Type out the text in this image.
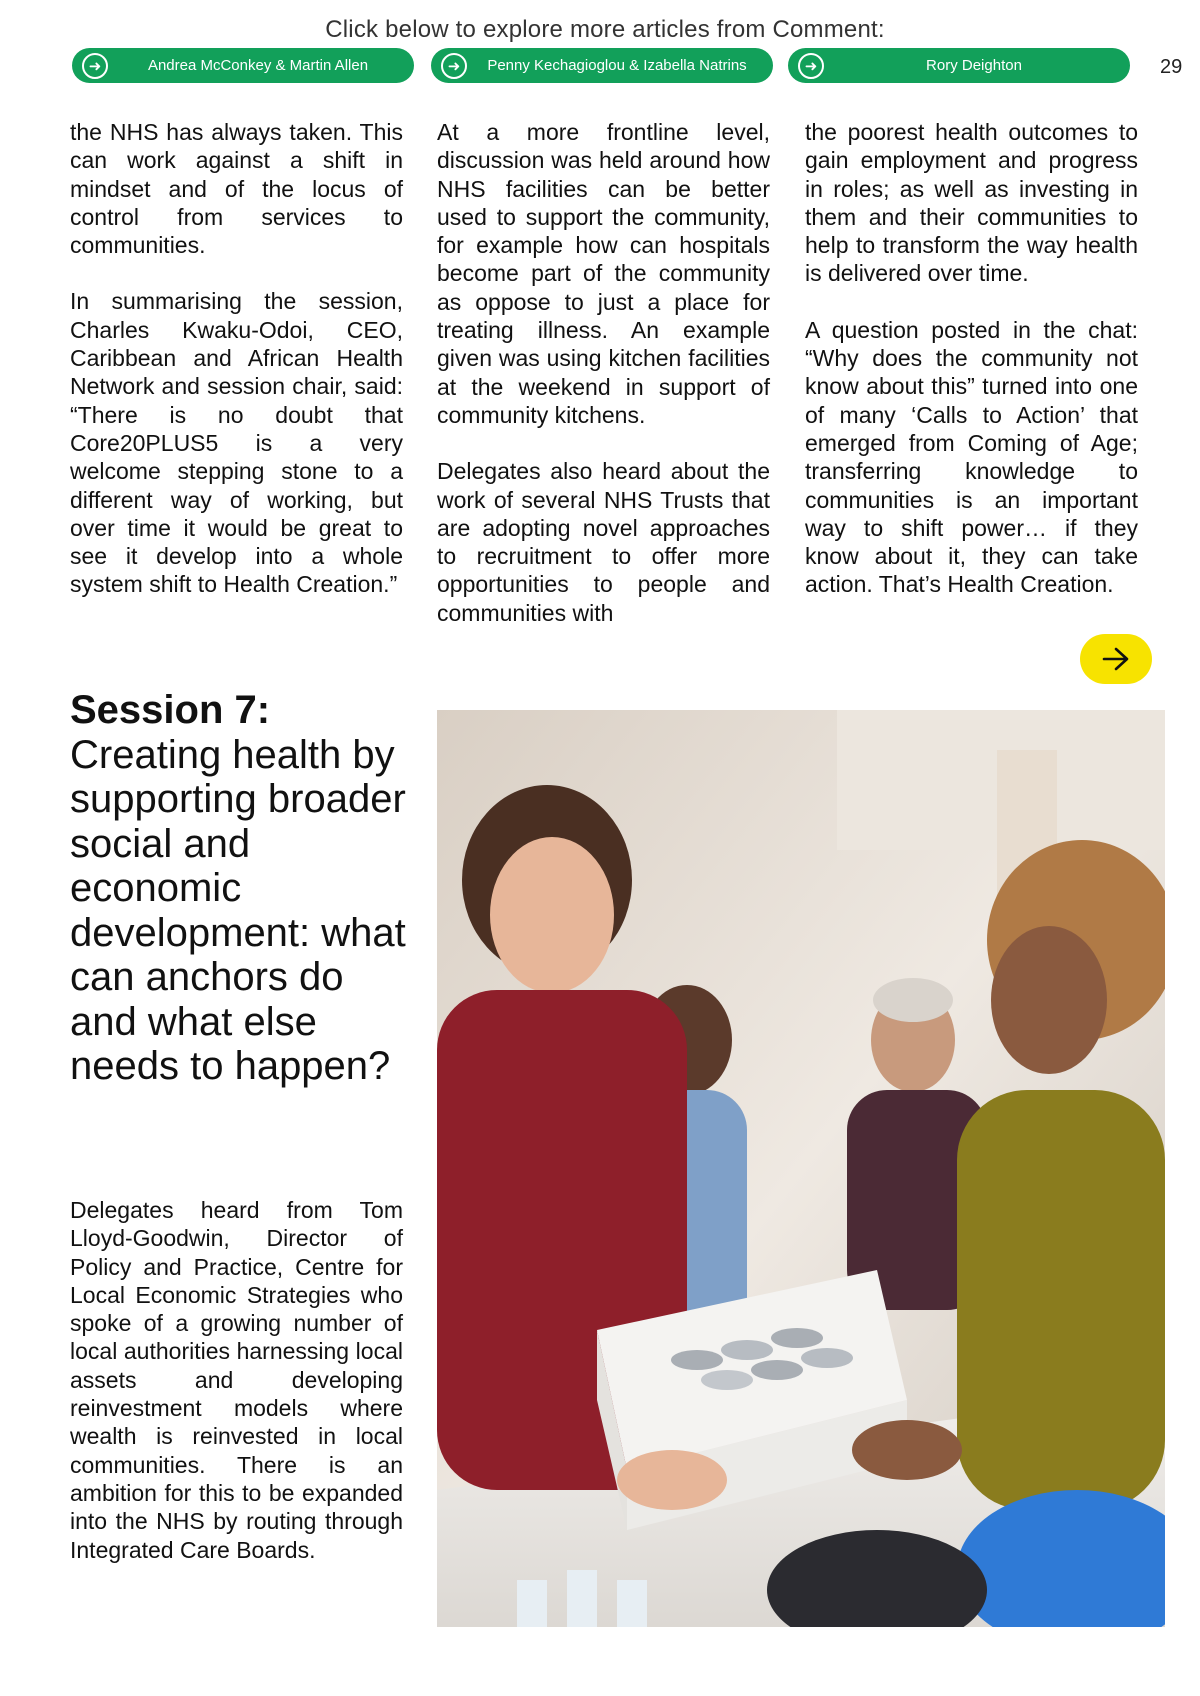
Click below to explore more articles from Comment:
➜	Andrea McConkey & Martin Allen	➜	Penny Kechagioglou & Izabella Natrins	➜	Rory Deighton	29

the NHS has always taken. This can work against a shift in mindset and of the locus of control from services to communities.

In summarising the session, Charles Kwaku-Odoi, CEO, Caribbean and African Health Network and session chair, said: “There is no doubt that Core20PLUS5 is a very welcome stepping stone to a different way of working, but over time it would be great to see it develop into a whole system shift to Health Creation.”

At a more frontline level, discussion was held around how NHS facilities can be better used to support the community, for example how can hospitals become part of the community as oppose to just a place for treating illness. An example given was using kitchen facilities at the weekend in support of community kitchens.

Delegates also heard about the work of several NHS Trusts that are adopting novel approaches to recruitment to offer more opportunities to people and communities with

the poorest health outcomes to gain employment and progress in roles; as well as investing in them and their communities to help to transform the way health is delivered over time.

A question posted in the chat: “Why does the community not know about this” turned into one of many ‘Calls to Action’ that emerged from Coming of Age; transferring knowledge to communities is an important way to shift power… if they know about it, they can take action. That’s Health Creation.

Session 7:
Creating health by supporting broader social and economic development: what can anchors do and what else needs to happen?
Delegates heard from Tom Lloyd-Goodwin, Director of Policy and Practice, Centre for Local Economic Strategies who spoke of a growing number of local authorities harnessing local assets and developing reinvestment models where wealth is reinvested in local communities. There is an ambition for this to be expanded into the NHS by routing through Integrated Care Boards.
